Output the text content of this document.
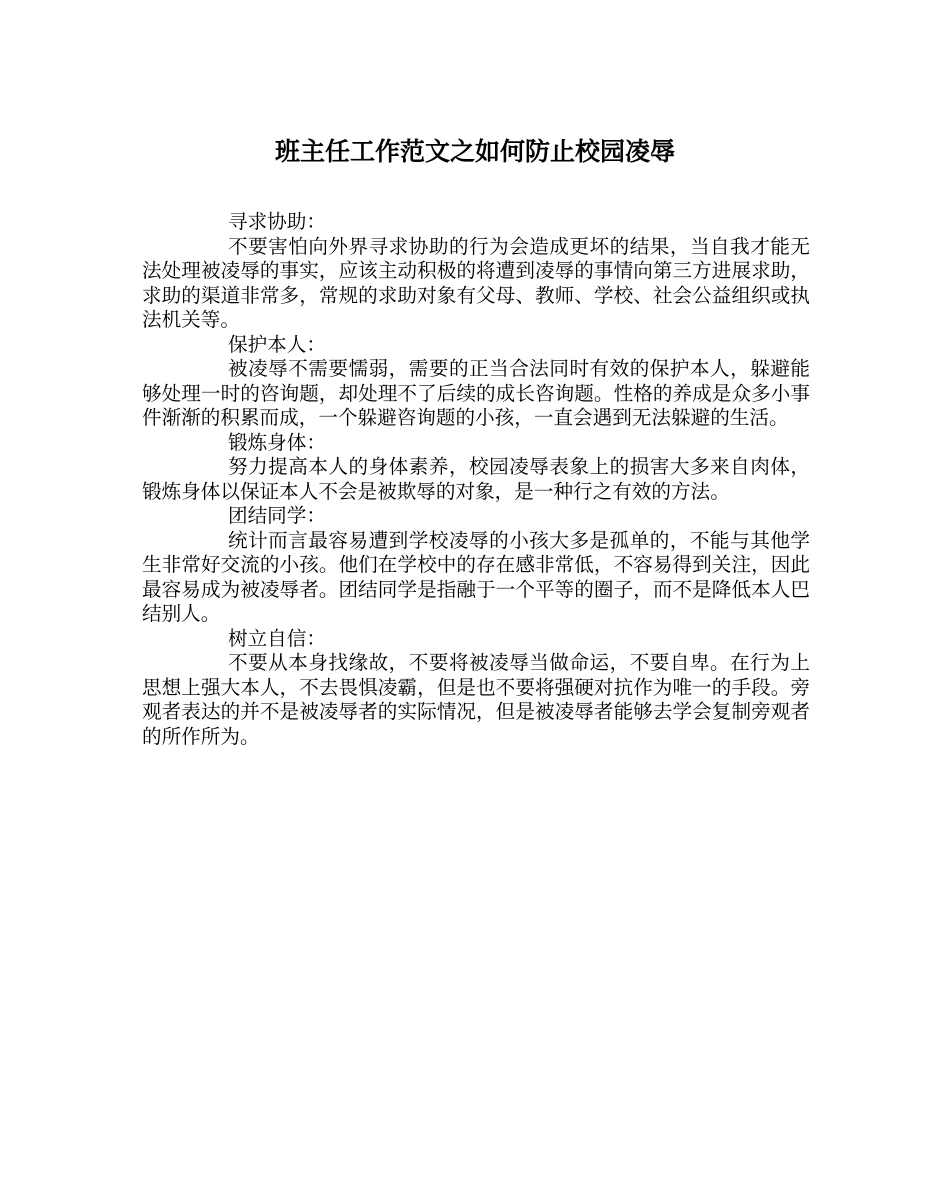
班主任工作范文之如何防止校园凌辱

寻求协助：

不要害怕向外界寻求协助的行为会造成更坏的结果，当自我才能无法处理被凌辱的事实，应该主动积极的将遭到凌辱的事情向第三方进展求助，求助的渠道非常多，常规的求助对象有父母、教师、学校、社会公益组织或执法机关等。

保护本人：

被凌辱不需要懦弱，需要的正当合法同时有效的保护本人，躲避能够处理一时的咨询题，却处理不了后续的成长咨询题。性格的养成是众多小事件渐渐的积累而成，一个躲避咨询题的小孩，一直会遇到无法躲避的生活。

锻炼身体：

努力提高本人的身体素养，校园凌辱表象上的损害大多来自肉体，锻炼身体以保证本人不会是被欺辱的对象，是一种行之有效的方法。

团结同学：

统计而言最容易遭到学校凌辱的小孩大多是孤单的，不能与其他学生非常好交流的小孩。他们在学校中的存在感非常低，不容易得到关注，因此最容易成为被凌辱者。团结同学是指融于一个平等的圈子，而不是降低本人巴结别人。

树立自信：

不要从本身找缘故，不要将被凌辱当做命运，不要自卑。在行为上思想上强大本人，不去畏惧凌霸，但是也不要将强硬对抗作为唯一的手段。旁观者表达的并不是被凌辱者的实际情况，但是被凌辱者能够去学会复制旁观者的所作所为。
